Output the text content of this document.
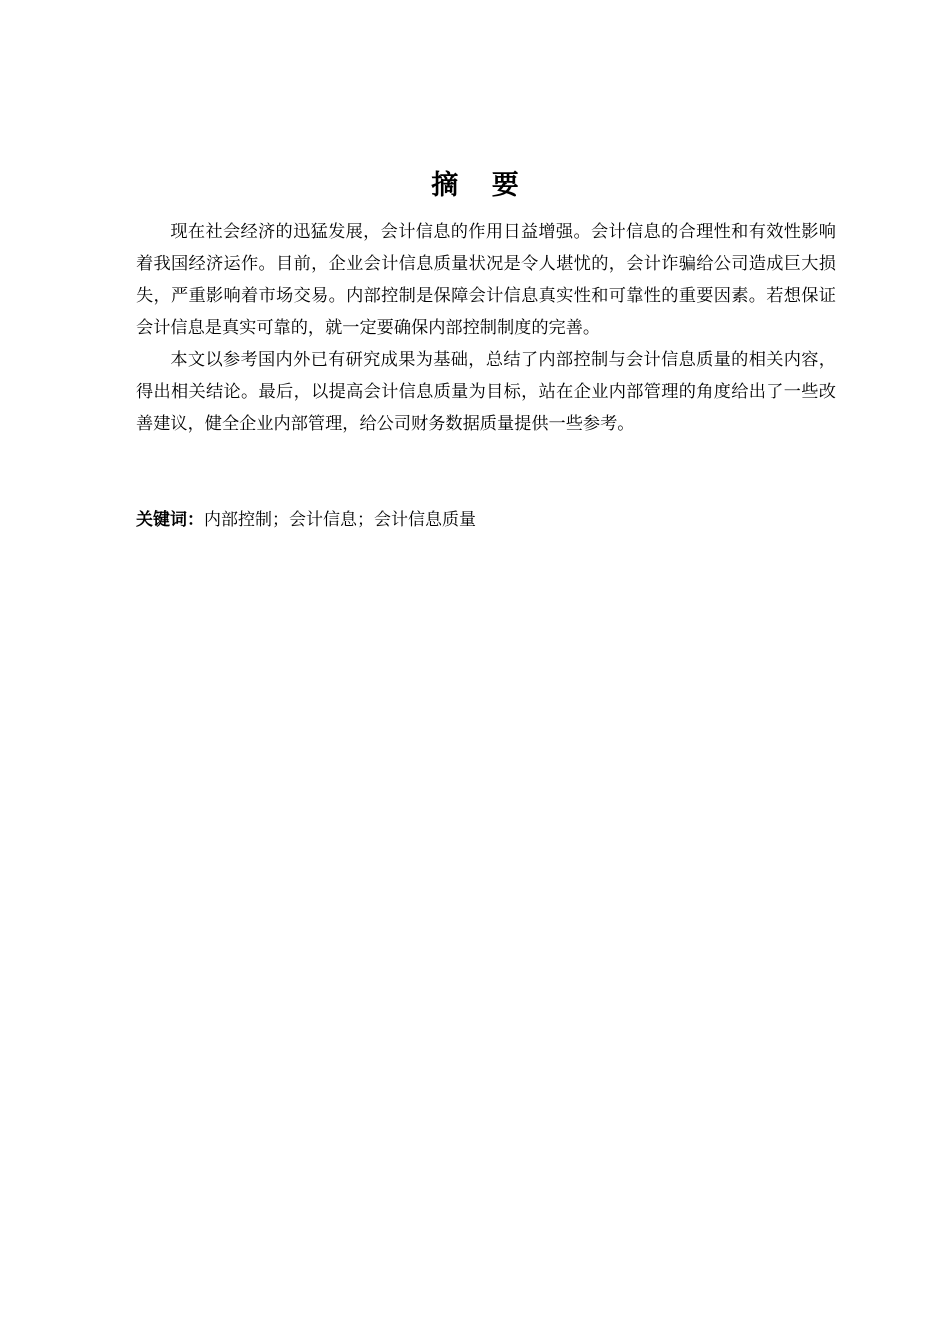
摘 要

现在社会经济的迅猛发展，会计信息的作用日益增强。会计信息的合理性和有效性影响着我国经济运作。目前，企业会计信息质量状况是令人堪忧的，会计诈骗给公司造成巨大损失，严重影响着市场交易。内部控制是保障会计信息真实性和可靠性的重要因素。若想保证会计信息是真实可靠的，就一定要确保内部控制制度的完善。

本文以参考国内外已有研究成果为基础，总结了内部控制与会计信息质量的相关内容，得出相关结论。最后，以提高会计信息质量为目标，站在企业内部管理的角度给出了一些改善建议，健全企业内部管理，给公司财务数据质量提供一些参考。

关键词：内部控制；会计信息；会计信息质量
